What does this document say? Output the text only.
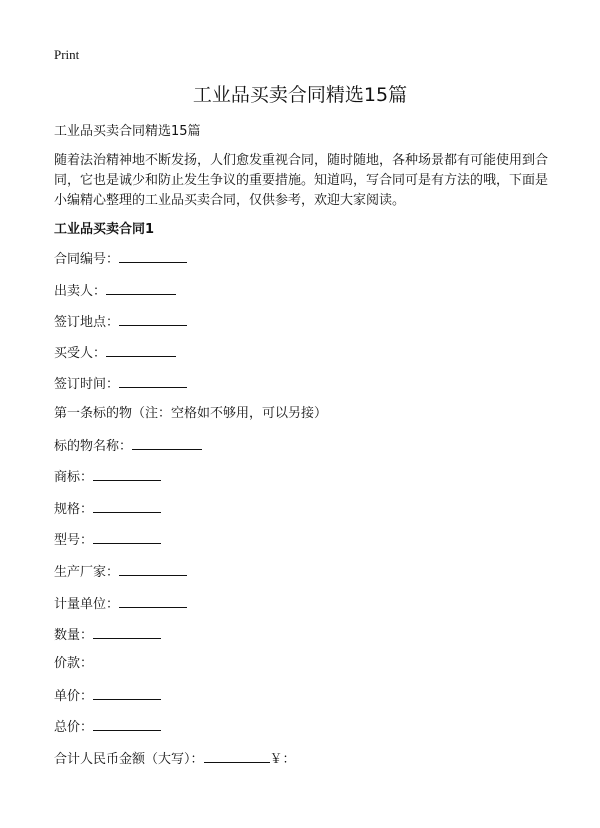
Print
工业品买卖合同精选15篇
工业品买卖合同精选15篇

随着法治精神地不断发扬，人们愈发重视合同，随时随地，各种场景都有可能使用到合同，它也是诚少和防止发生争议的重要措施。知道吗，写合同可是有方法的哦，下面是小编精心整理的工业品买卖合同，仅供参考，欢迎大家阅读。

工业品买卖合同1
合同编号：
出卖人：
签订地点：
买受人：
签订时间：
第一条标的物（注：空格如不够用，可以另接）
标的物名称：
商标：
规格：
型号：
生产厂家：
计量单位：
数量：
价款：
单价：
总价：
合计人民币金额（大写）：	￥：
